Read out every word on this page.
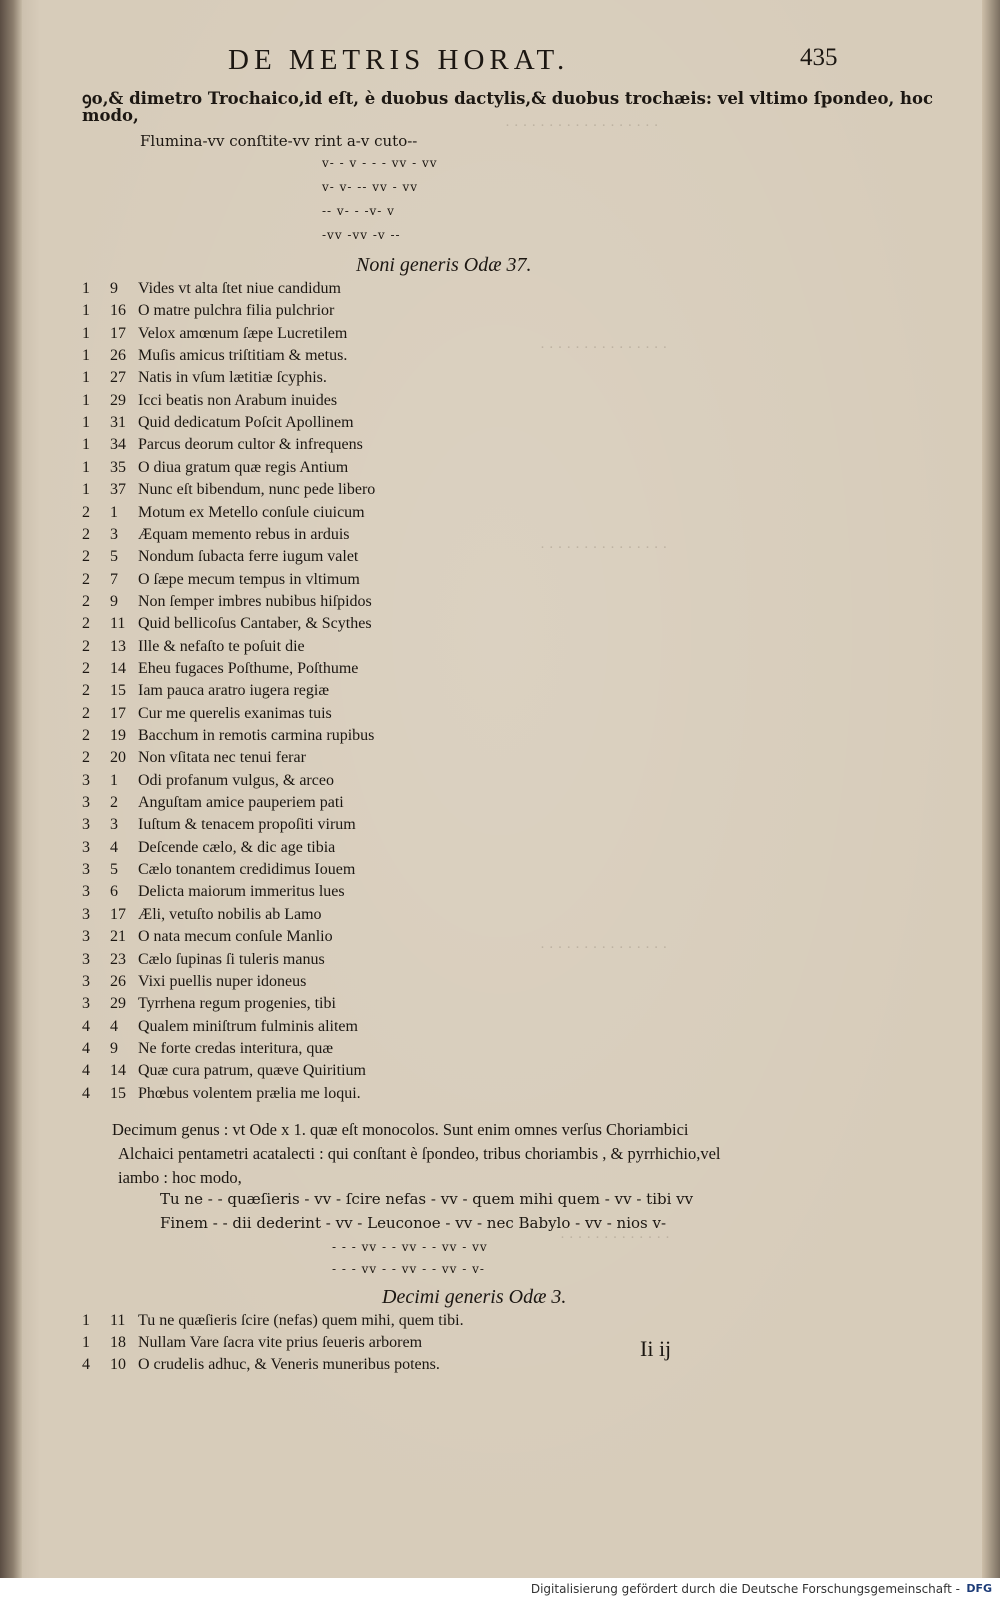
· · · · · · · · · · · · · · · · · ·
· · · · · · · · · · · · · · ·
· · · · · · · · · · · · · · ·
· · · · · · · · · · · · · · ·
· · · · · · · · · · · · ·
DE METRIS HORAT.	435
ꝯo,& dimetro Trochaico,id eſt, è duobus dactylis,& duobus trochæis: vel vltimo ſpondeo, hoc
modo,
Flumina-vv conſtite-vv rint a-v cuto--
v- - v - - - vv - vv
v- v- -- vv - vv
-- v- - -v- v
-vv -vv -v --
Noni generis Odæ 37.
1 9 Vides vt alta ſtet niue candidum
1 16 O matre pulchra filia pulchrior
1 17 Velox amœnum ſæpe Lucretilem
1 26 Muſis amicus triſtitiam & metus.
1 27 Natis in vſum lætitiæ ſcyphis.
1 29 Icci beatis non Arabum inuides
1 31 Quid dedicatum Poſcit Apollinem
1 34 Parcus deorum cultor & infrequens
1 35 O diua gratum quæ regis Antium
1 37 Nunc eſt bibendum, nunc pede libero
2 1 Motum ex Metello conſule ciuicum
2 3 Æquam memento rebus in arduis
2 5 Nondum ſubacta ferre iugum valet
2 7 O ſæpe mecum tempus in vltimum
2 9 Non ſemper imbres nubibus hiſpidos
2 11 Quid bellicoſus Cantaber, & Scythes
2 13 Ille & nefaſto te poſuit die
2 14 Eheu fugaces Poſthume, Poſthume
2 15 Iam pauca aratro iugera regiæ
2 17 Cur me querelis exanimas tuis
2 19 Bacchum in remotis carmina rupibus
2 20 Non vſitata nec tenui ferar
3 1 Odi profanum vulgus, & arceo
3 2 Anguſtam amice pauperiem pati
3 3 Iuſtum & tenacem propoſiti virum
3 4 Deſcende cælo, & dic age tibia
3 5 Cælo tonantem credidimus Iouem
3 6 Delicta maiorum immeritus lues
3 17 Æli, vetuſto nobilis ab Lamo
3 21 O nata mecum conſule Manlio
3 23 Cælo ſupinas ſi tuleris manus
3 26 Vixi puellis nuper idoneus
3 29 Tyrrhena regum progenies, tibi
4 4 Qualem miniſtrum fulminis alitem
4 9 Ne forte credas interitura, quæ
4 14 Quæ cura patrum, quæve Quiritium
4 15 Phœbus volentem prælia me loqui.
Decimum genus : vt Ode x 1. quæ eſt monocolos. Sunt enim omnes verſus Choriambici
Alchaici pentametri acatalecti : qui conſtant è ſpondeo, tribus choriambis , & pyrrhichio,vel
iambo : hoc modo,
Tu ne - - quæſieris - vv - ſcire nefas - vv - quem mihi quem - vv - tibi vv
Finem - - dii dederint - vv - Leuconoe - vv - nec Babylo - vv - nios v-
- - - vv - - vv - - vv - vv
- - - vv - - vv - - vv - v-
Decimi generis Odæ 3.
1 11 Tu ne quæſieris ſcire (nefas) quem mihi, quem tibi.
1 18 Nullam Vare ſacra vite prius ſeueris arborem
4 10 O crudelis adhuc, & Veneris muneribus potens.
Ii ij
Digitalisierung gefördert durch die Deutsche Forschungsgemeinschaft - DFG
